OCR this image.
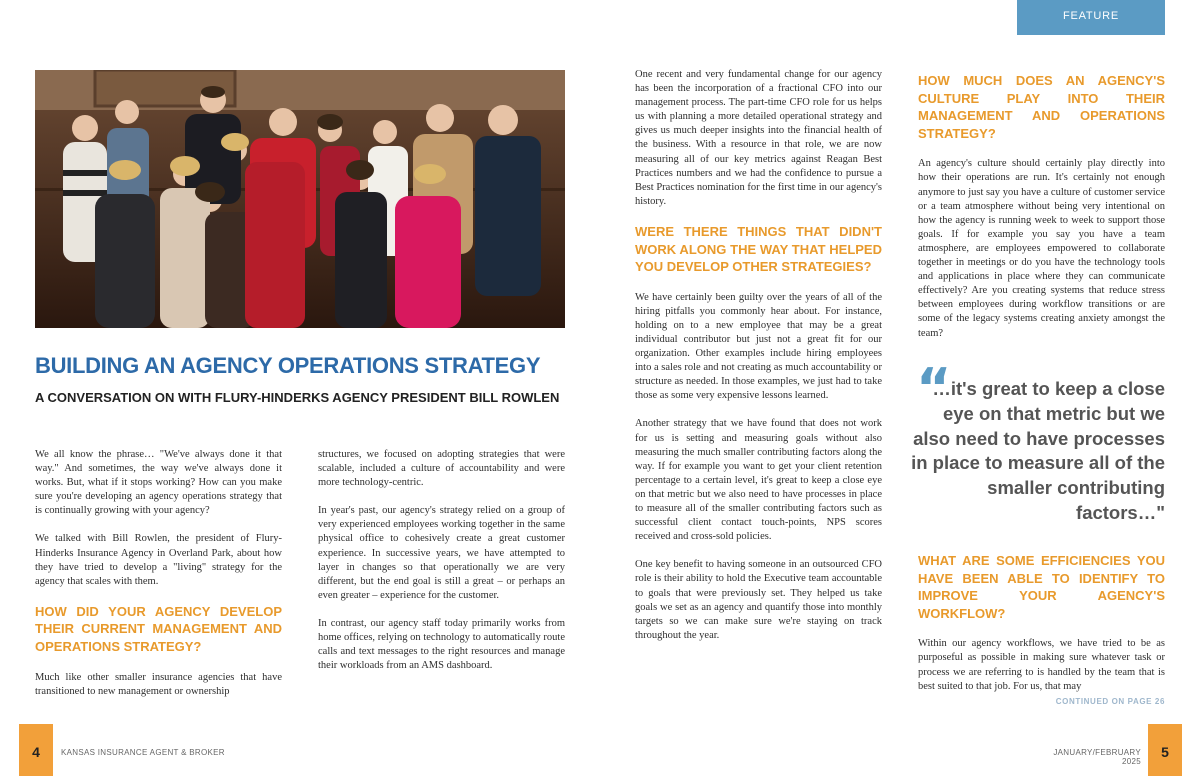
FEATURE
BUILDING AN AGENCY OPERATIONS STRATEGY
A CONVERSATION ON WITH FLURY-HINDERKS AGENCY PRESIDENT BILL ROWLEN

We all know the phrase… "We've always done it that way." And sometimes, the way we've always done it works. But, what if it stops working? How can you make sure you're developing an agency operations strategy that is continually growing with your agency?

We talked with Bill Rowlen, the president of Flury-Hinderks Insurance Agency in Overland Park, about how they have tried to develop a "living" strategy for the agency that scales with them.

HOW DID YOUR AGENCY DEVELOP THEIR CURRENT MANAGEMENT AND OPERATIONS STRATEGY?

Much like other smaller insurance agencies that have transitioned to new management or ownership

structures, we focused on adopting strategies that were scalable, included a culture of accountability and were more technology-centric.

In year's past, our agency's strategy relied on a group of very experienced employees working together in the same physical office to cohesively create a great customer experience. In successive years, we have attempted to layer in changes so that operationally we are very different, but the end goal is still a great – or perhaps an even greater – experience for the customer.

In contrast, our agency staff today primarily works from home offices, relying on technology to automatically route calls and text messages to the right resources and manage their workloads from an AMS dashboard.

One recent and very fundamental change for our agency has been the incorporation of a fractional CFO into our management process. The part-time CFO role for us helps us with planning a more detailed operational strategy and gives us much deeper insights into the financial health of the business. With a resource in that role, we are now measuring all of our key metrics against Reagan Best Practices numbers and we had the confidence to pursue a Best Practices nomination for the first time in our agency's history.

WERE THERE THINGS THAT DIDN'T WORK ALONG THE WAY THAT HELPED YOU DEVELOP OTHER STRATEGIES?

We have certainly been guilty over the years of all of the hiring pitfalls you commonly hear about. For instance, holding on to a new employee that may be a great individual contributor but just not a great fit for our organization. Other examples include hiring employees into a sales role and not creating as much accountability or structure as needed. In those examples, we just had to take those as some very expensive lessons learned.

Another strategy that we have found that does not work for us is setting and measuring goals without also measuring the much smaller contributing factors along the way. If for example you want to get your client retention percentage to a certain level, it's great to keep a close eye on that metric but we also need to have processes in place to measure all of the smaller contributing factors such as successful client contact touch-points, NPS scores received and cross-sold policies.

One key benefit to having someone in an outsourced CFO role is their ability to hold the Executive team accountable to goals that were previously set. They helped us take goals we set as an agency and quantify those into monthly targets so we can make sure we're staying on track throughout the year.

HOW MUCH DOES AN AGENCY'S CULTURE PLAY INTO THEIR MANAGEMENT AND OPERATIONS STRATEGY?

An agency's culture should certainly play directly into how their operations are run. It's certainly not enough anymore to just say you have a culture of customer service or a team atmosphere without being very intentional on how the agency is running week to week to support those goals. If for example you say you have a team atmosphere, are employees empowered to collaborate together in meetings or do you have the technology tools and applications in place where they can communicate effectively? Are you creating systems that reduce stress between employees during workflow transitions or are some of the legacy systems creating anxiety amongst the team?

“

…it's great to keep a close eye on that metric but we also need to have processes in place to measure all of the smaller contributing factors…"

WHAT ARE SOME EFFICIENCIES YOU HAVE BEEN ABLE TO IDENTIFY TO IMPROVE YOUR AGENCY'S WORKFLOW?

Within our agency workflows, we have tried to be as purposeful as possible in making sure whatever task or process we are referring to is handled by the team that is best suited to that job. For us, that may

CONTINUED ON PAGE 26
4	KANSAS INSURANCE AGENT & BROKER	JANUARY/FEBRUARY 2025
5
